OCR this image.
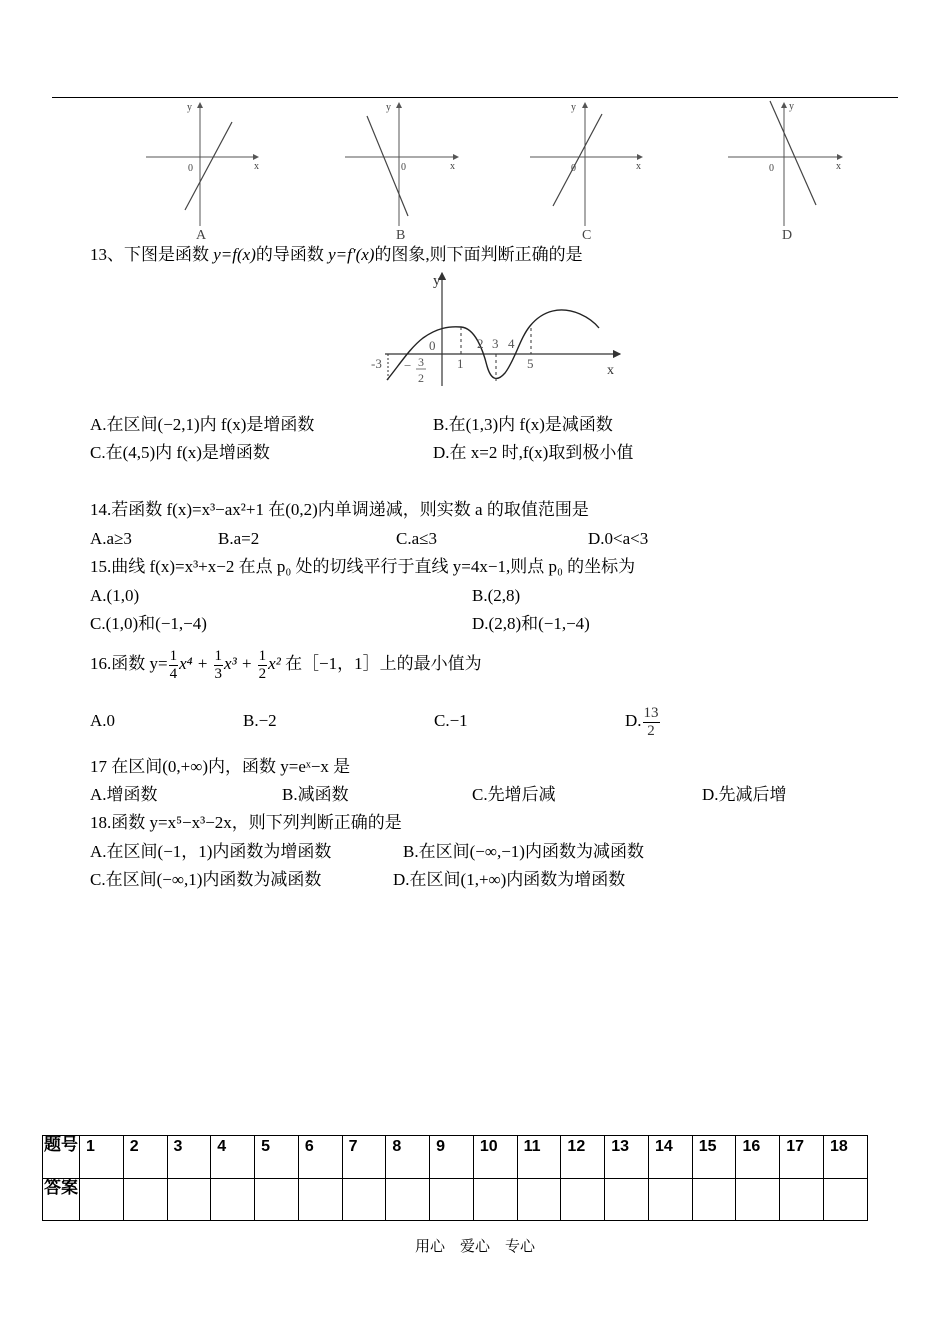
0	x
y
A
0	x
y
B
0	x
y
C
0	x
y
D
13、下图是函数 y=f(x)的导函数 y=f′(x)的图象,则下面判断正确的是
y
x
0
-3 − 3
2
1
2 3 4
5
A.在区间(−2,1)内 f(x)是增函数	B.在(1,3)内 f(x)是减函数
C.在(4,5)内 f(x)是增函数	D.在 x=2 时,f(x)取到极小值
14.若函数 f(x)=x³−ax²+1 在(0,2)内单调递减，则实数 a 的取值范围是
A.a≥3	B.a=2	C.a≤3	D.0<a<3
15.曲线 f(x)=x³+x−2 在点 p₀ 处的切线平行于直线 y=4x−1,则点 p₀ 的坐标为
A.(1,0)	B.(2,8)
C.(1,0)和(−1,−4)	D.(2,8)和(−1,−4)
16.函数 $y= \frac{1}{4} x^4 + \frac{1}{3} x^3 + \frac{1}{2} x^2$ 在［−1，1］上的最小值为
A.0	B.−2	C.−1	D. $\frac{13}{2}$
17 在区间(0,+∞)内，函数 y=eˣ−x 是
A.增函数	B.减函数	C.先增后减	D.先减后增
18.函数 y=x⁵−x³−2x，则下列判断正确的是
A.在区间(−1，1)内函数为增函数	B.在区间(−∞,−1)内函数为减函数
C.在区间(−∞,1)内函数为减函数	D.在区间(1,+∞)内函数为增函数
题号	1	2	3	4	5	6	7	8	9	10	11	12	13	14	15	16	17	18
答案																		
用心　爱心　专心
